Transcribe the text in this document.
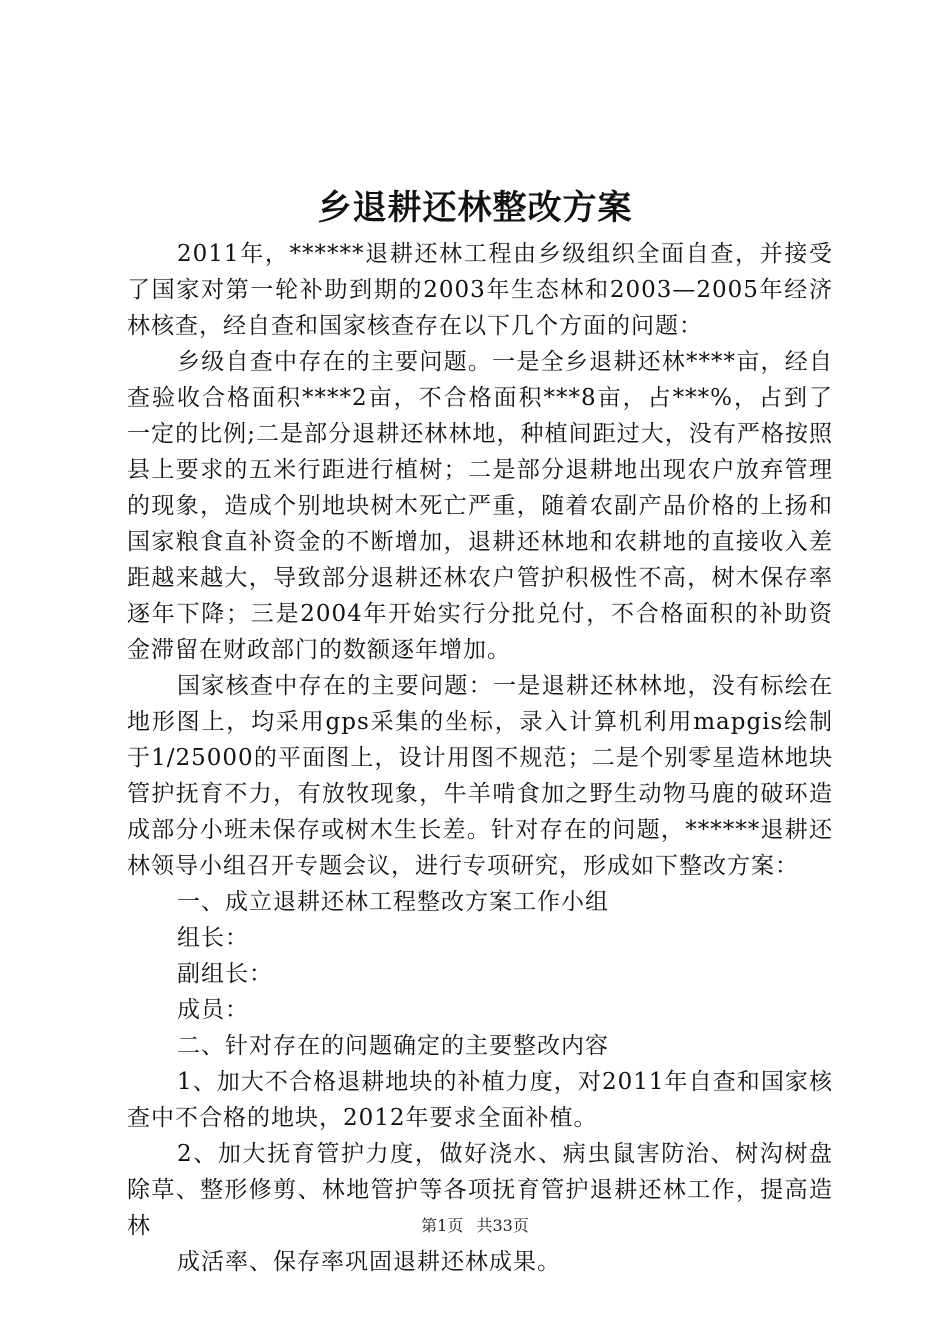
乡退耕还林整改方案

2011年，******退耕还林工程由乡级组织全面自查，并接受了国家对第一轮补助到期的2003年生态林和2003—2005年经济林核查，经自查和国家核查存在以下几个方面的问题：

乡级自查中存在的主要问题。一是全乡退耕还林****亩，经自查验收合格面积****2亩，不合格面积***8亩，占***%，占到了一定的比例;二是部分退耕还林林地，种植间距过大，没有严格按照县上要求的五米行距进行植树；二是部分退耕地出现农户放弃管理的现象，造成个别地块树木死亡严重，随着农副产品价格的上扬和国家粮食直补资金的不断增加，退耕还林地和农耕地的直接收入差距越来越大，导致部分退耕还林农户管护积极性不高，树木保存率逐年下降；三是2004年开始实行分批兑付，不合格面积的补助资金滞留在财政部门的数额逐年增加。

国家核查中存在的主要问题：一是退耕还林林地，没有标绘在地形图上，均采用gps采集的坐标，录入计算机利用mapgis绘制于1/25000的平面图上，设计用图不规范；二是个别零星造林地块管护抚育不力，有放牧现象，牛羊啃食加之野生动物马鹿的破环造成部分小班未保存或树木生长差。针对存在的问题，******退耕还林领导小组召开专题会议，进行专项研究，形成如下整改方案：

一、成立退耕还林工程整改方案工作小组

组长：

副组长：

成员：

二、针对存在的问题确定的主要整改内容

1、加大不合格退耕地块的补植力度，对2011年自查和国家核查中不合格的地块，2012年要求全面补植。

2、加大抚育管护力度，做好浇水、病虫鼠害防治、树沟树盘除草、整形修剪、林地管护等各项抚育管护退耕还林工作，提高造林

成活率、保存率巩固退耕还林成果。

第1页 共33页
